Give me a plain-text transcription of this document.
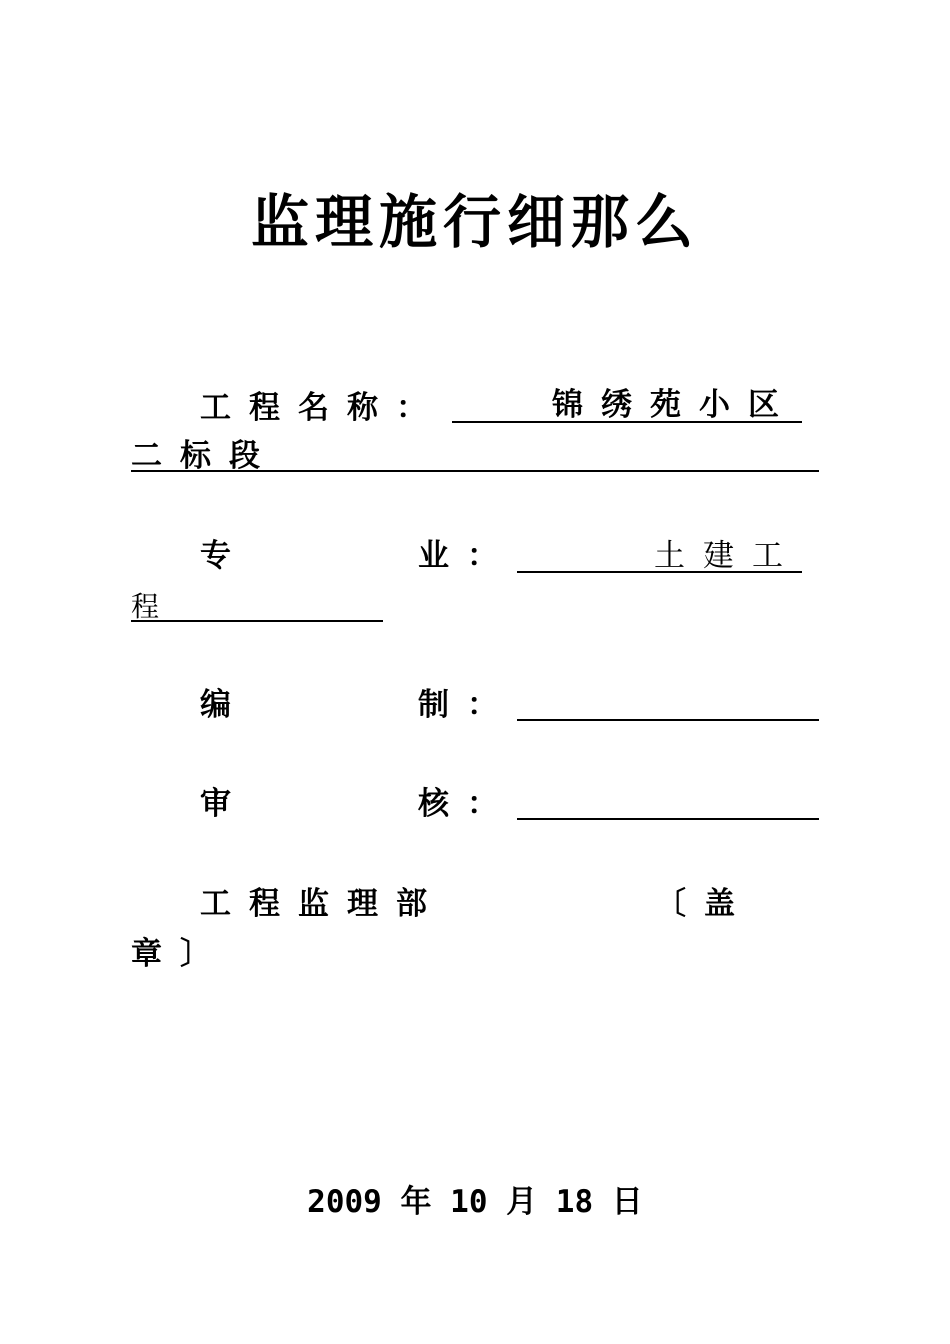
监理施行细那么
工程名称：	锦绣苑小区
二标段
专	业：	土建工
程
编	制：
审	核：
工程监理部	〔盖
章〕
2009 年 10 月 18 日
